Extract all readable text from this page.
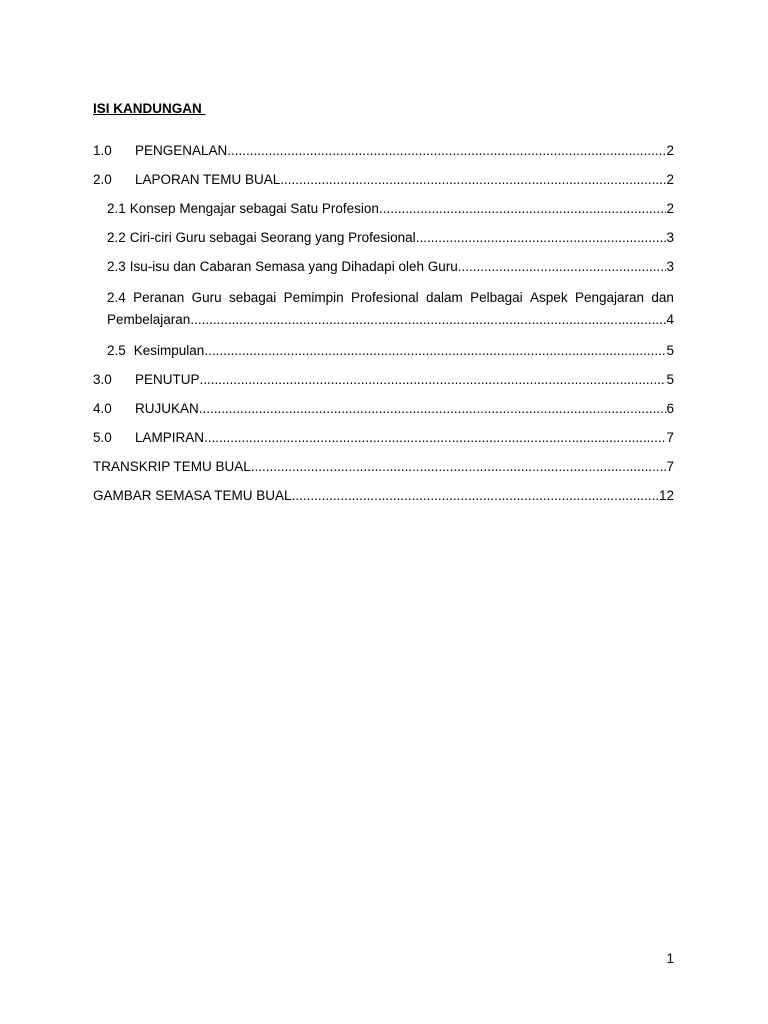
ISI KANDUNGAN
1.0	PENGENALAN .....	2
2.0	LAPORAN TEMU BUAL .....	2
2.1 Konsep Mengajar sebagai Satu Profesion .....	2
2.2 Ciri-ciri Guru sebagai Seorang yang Profesional .....	3
2.3 Isu-isu dan Cabaran Semasa yang Dihadapi oleh Guru .....	3
2.4 Peranan Guru sebagai Pemimpin Profesional dalam Pelbagai Aspek Pengajaran dan
Pembelajaran .....	4
2.5 Kesimpulan .....	5
3.0	PENUTUP .....	5
4.0	RUJUKAN .....	6
5.0	LAMPIRAN .....	7
TRANSKRIP TEMU BUAL .....	7
GAMBAR SEMASA TEMU BUAL .....	12
1
